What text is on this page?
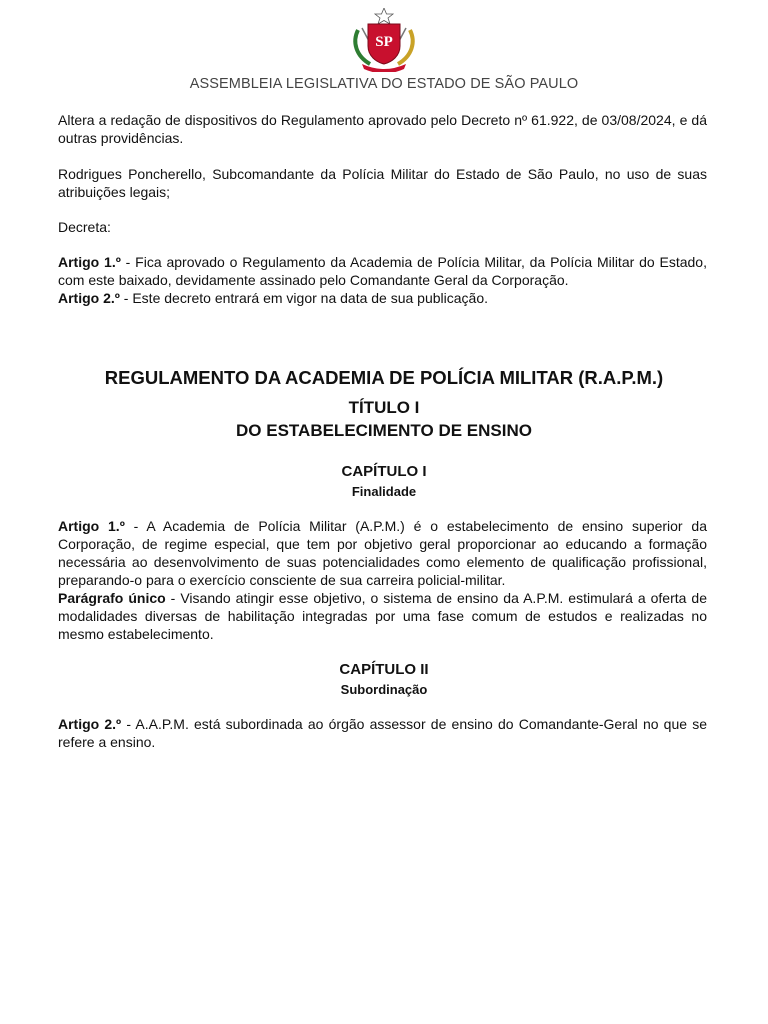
SP
ASSEMBLEIA LEGISLATIVA DO ESTADO DE SÃO PAULO

Altera a redação de dispositivos do Regulamento aprovado pelo Decreto nº 61.922, de 03/08/2024, e dá outras providências.

Rodrigues Poncherello, Subcomandante da Polícia Militar do Estado de São Paulo, no uso de suas atribuições legais;

Decreta:

Artigo 1.º - Fica aprovado o Regulamento da Academia de Polícia Militar, da Polícia Militar do Estado, com este baixado, devidamente assinado pelo Comandante Geral da Corporação.

Artigo 2.º - Este decreto entrará em vigor na data de sua publicação.

REGULAMENTO DA ACADEMIA DE POLÍCIA MILITAR (R.A.P.M.)

TÍTULO I

DO ESTABELECIMENTO DE ENSINO

CAPÍTULO I

Finalidade

Artigo 1.º - A Academia de Polícia Militar (A.P.M.) é o estabelecimento de ensino superior da Corporação, de regime especial, que tem por objetivo geral proporcionar ao educando a formação necessária ao desenvolvimento de suas potencialidades como elemento de qualificação profissional, preparando-o para o exercício consciente de sua carreira policial-militar.
Parágrafo único - Visando atingir esse objetivo, o sistema de ensino da A.P.M. estimulará a oferta de modalidades diversas de habilitação integradas por uma fase comum de estudos e realizadas no mesmo estabelecimento.

CAPÍTULO II

Subordinação

Artigo 2.º - A.A.P.M. está subordinada ao órgão assessor de ensino do Comandante-Geral no que se refere a ensino.
